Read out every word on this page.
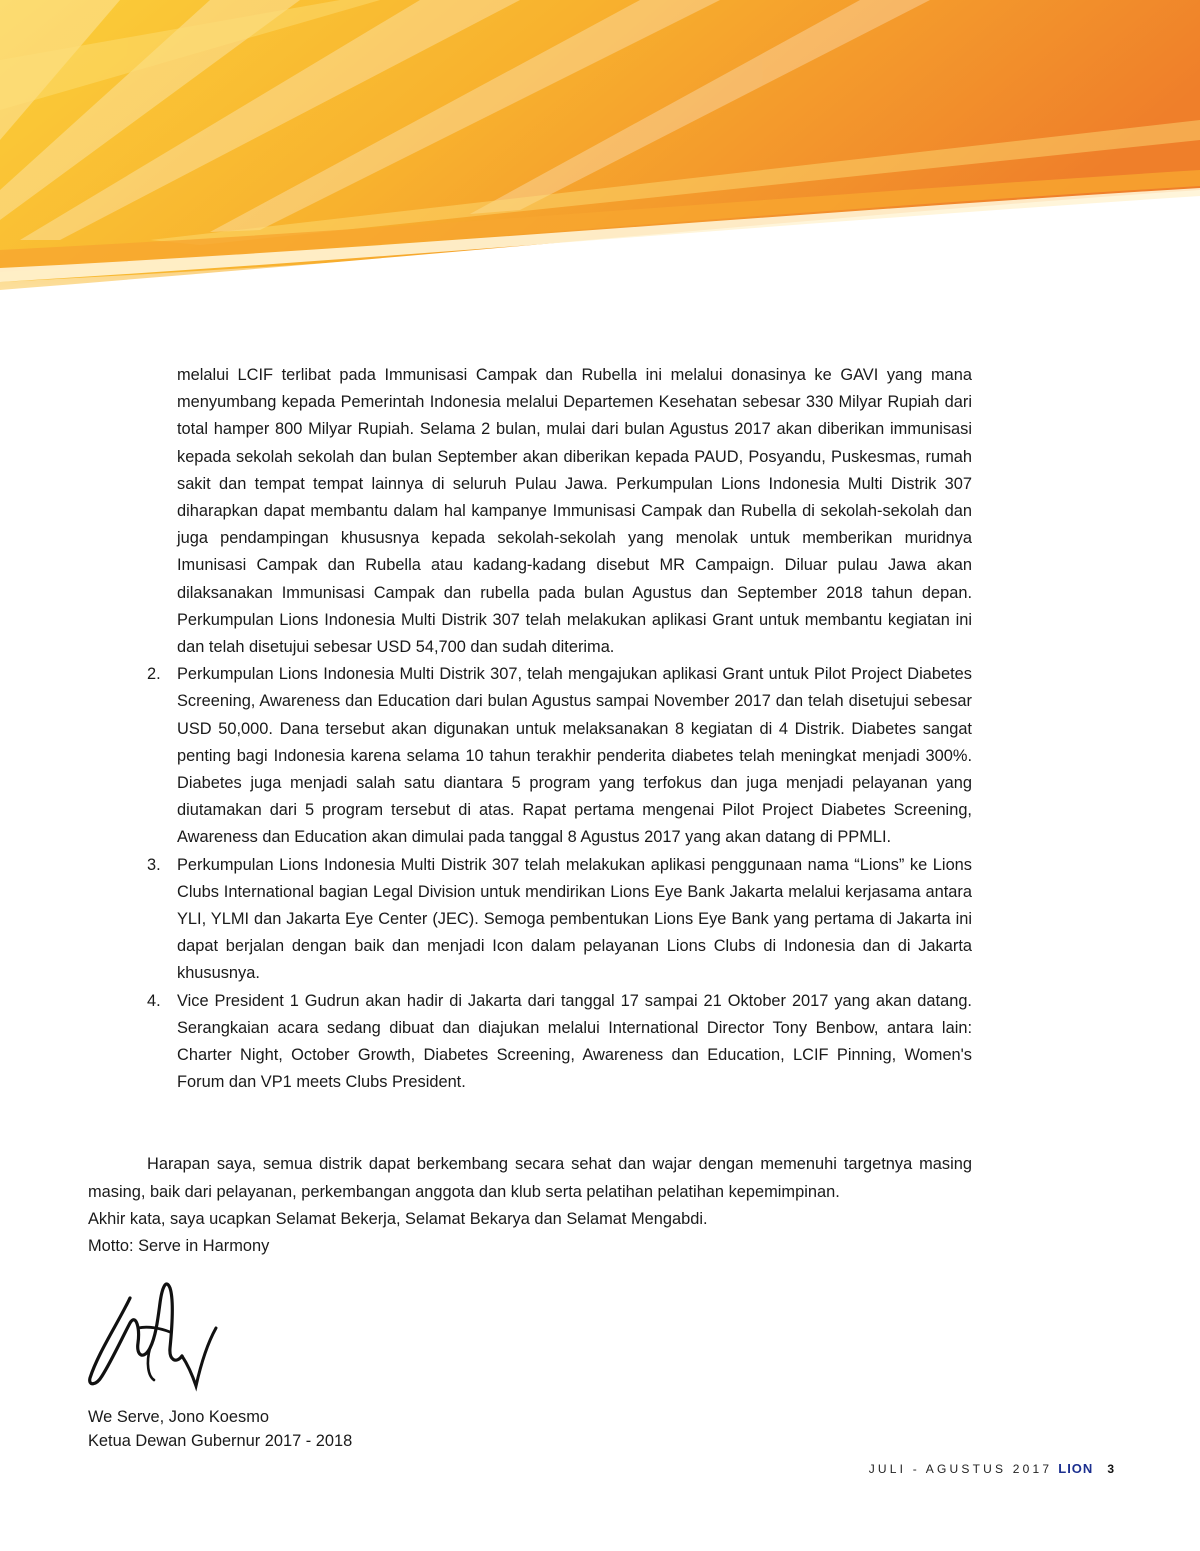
melalui LCIF terlibat pada Immunisasi Campak dan Rubella ini melalui donasinya ke GAVI yang mana menyumbang kepada Pemerintah Indonesia melalui Departemen Kesehatan sebesar 330 Milyar Rupiah dari total hamper 800 Milyar Rupiah. Selama 2 bulan, mulai dari bulan Agustus 2017 akan diberikan immunisasi kepada sekolah sekolah dan bulan September akan diberikan kepada PAUD, Posyandu, Puskesmas, rumah sakit dan tempat tempat lainnya di seluruh Pulau Jawa. Perkumpulan Lions Indonesia Multi Distrik 307 diharapkan dapat membantu dalam hal kampanye Immunisasi Campak dan Rubella di sekolah-sekolah dan juga pendampingan khususnya kepada sekolah-sekolah yang menolak untuk memberikan muridnya Imunisasi Campak dan Rubella atau kadang-kadang disebut MR Campaign. Diluar pulau Jawa akan dilaksanakan Immunisasi Campak dan rubella pada bulan Agustus dan September 2018 tahun depan. Perkumpulan Lions Indonesia Multi Distrik 307 telah melakukan aplikasi Grant untuk membantu kegiatan ini dan telah disetujui sebesar USD 54,700 dan sudah diterima.

2. Perkumpulan Lions Indonesia Multi Distrik 307, telah mengajukan aplikasi Grant untuk Pilot Project Diabetes Screening, Awareness dan Education dari bulan Agustus sampai November 2017 dan telah disetujui sebesar USD 50,000. Dana tersebut akan digunakan untuk melaksanakan 8 kegiatan di 4 Distrik. Diabetes sangat penting bagi Indonesia karena selama 10 tahun terakhir penderita diabetes telah meningkat menjadi 300%. Diabetes juga menjadi salah satu diantara 5 program yang terfokus dan juga menjadi pelayanan yang diutamakan dari 5 program tersebut di atas. Rapat pertama mengenai Pilot Project Diabetes Screening, Awareness dan Education akan dimulai pada tanggal 8 Agustus 2017 yang akan datang di PPMLI.
3. Perkumpulan Lions Indonesia Multi Distrik 307 telah melakukan aplikasi penggunaan nama “Lions” ke Lions Clubs International bagian Legal Division untuk mendirikan Lions Eye Bank Jakarta melalui kerjasama antara YLI, YLMI dan Jakarta Eye Center (JEC). Semoga pembentukan Lions Eye Bank yang pertama di Jakarta ini dapat berjalan dengan baik dan menjadi Icon dalam pelayanan Lions Clubs di Indonesia dan di Jakarta khususnya.
4. Vice President 1 Gudrun akan hadir di Jakarta dari tanggal 17 sampai 21 Oktober 2017 yang akan datang. Serangkaian acara sedang dibuat dan diajukan melalui International Director Tony Benbow, antara lain: Charter Night, October Growth, Diabetes Screening, Awareness dan Education, LCIF Pinning, Women's Forum dan VP1 meets Clubs President.

Harapan saya, semua distrik dapat berkembang secara sehat dan wajar dengan memenuhi targetnya masing masing, baik dari pelayanan, perkembangan anggota dan klub serta pelatihan pelatihan kepemimpinan.

Akhir kata, saya ucapkan Selamat Bekerja, Selamat Bekarya dan Selamat Mengabdi.

Motto: Serve in Harmony

We Serve, Jono Koesmo

Ketua Dewan Gubernur 2017 - 2018

JULI - AGUSTUS 2017 LION 3
